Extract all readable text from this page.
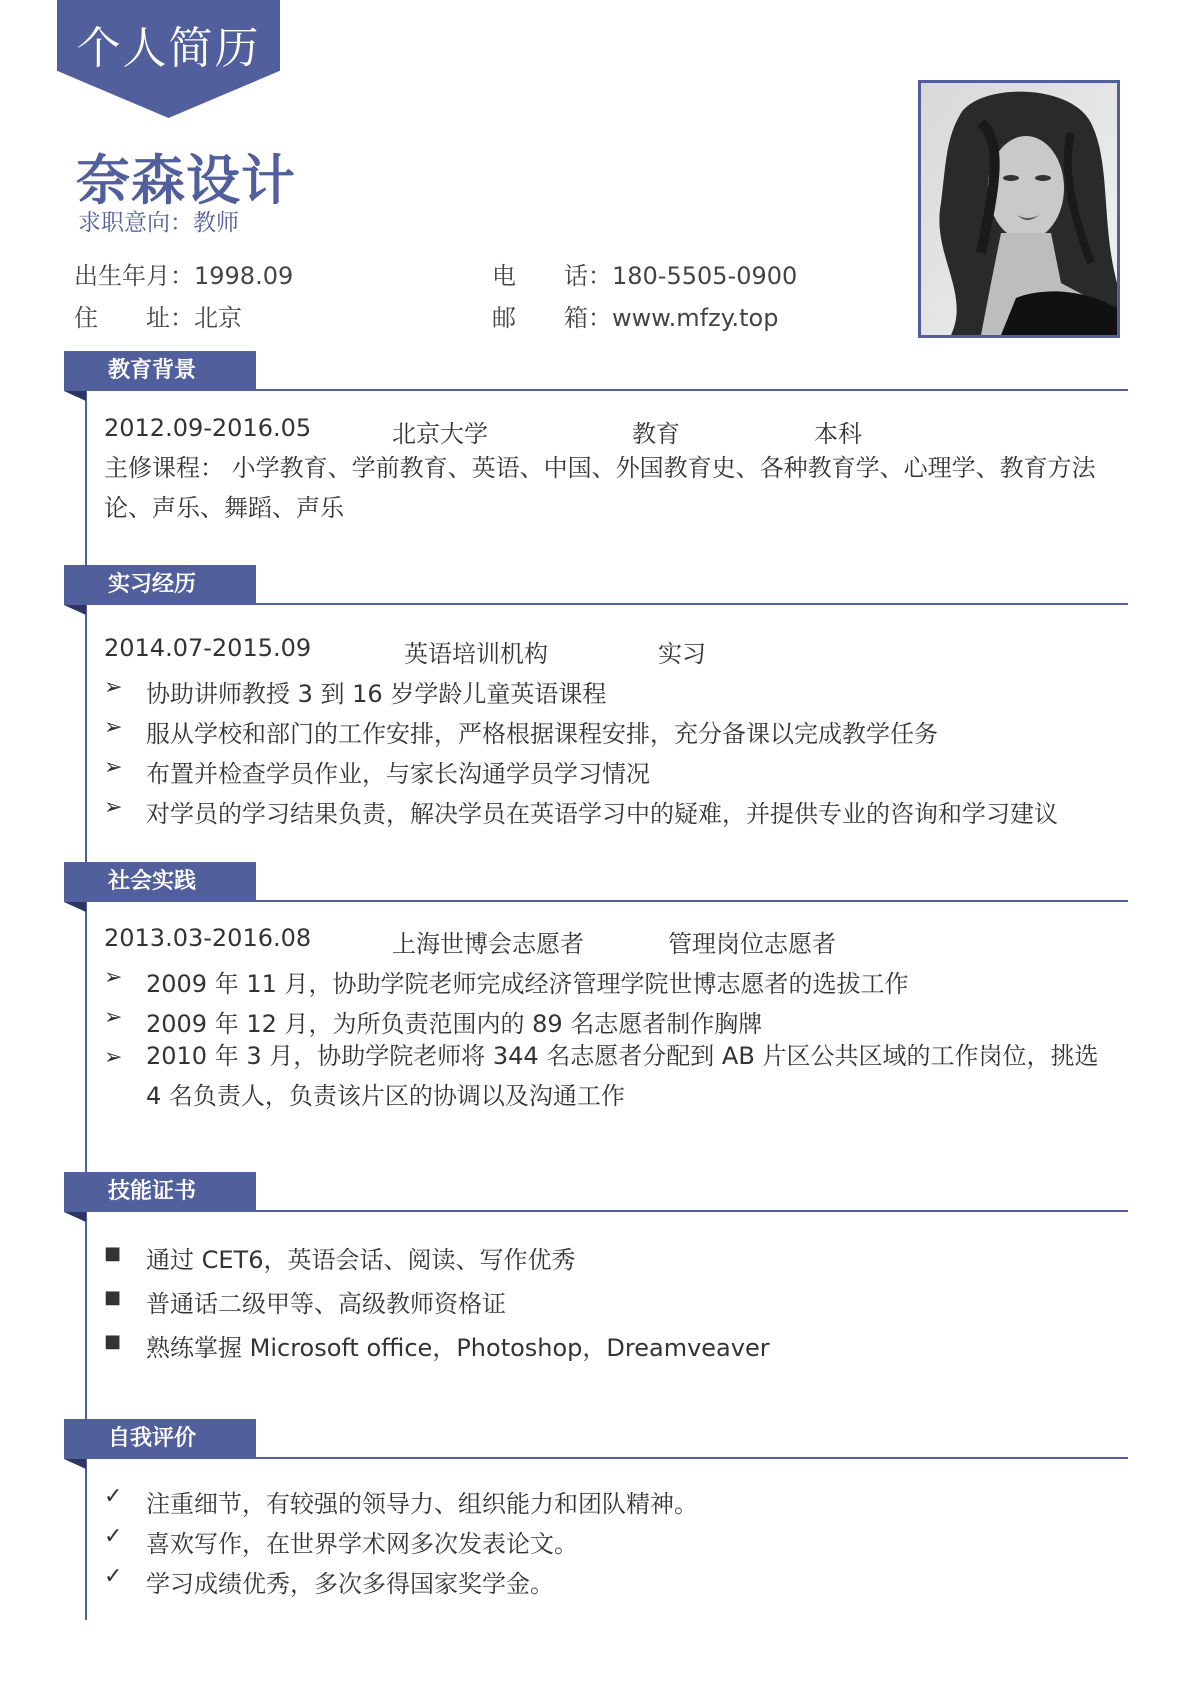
个人简历
奈森设计
求职意向：教师
出生年月：1998.09
住 址：北京
电 话：180-5505-0900
邮 箱：www.mfzy.top
教育背景
2012.09-2016.05	北京大学	教育	本科
主修课程： 小学教育、学前教育、英语、中国、外国教育史、各种教育学、心理学、教育方法论、声乐、舞蹈、声乐
实习经历
2014.07-2015.09	英语培训机构	实习
➢ 协助讲师教授 3 到 16 岁学龄儿童英语课程
➢ 服从学校和部门的工作安排，严格根据课程安排，充分备课以完成教学任务
➢ 布置并检查学员作业，与家长沟通学员学习情况
➢ 对学员的学习结果负责，解决学员在英语学习中的疑难，并提供专业的咨询和学习建议
社会实践
2013.03-2016.08	上海世博会志愿者	管理岗位志愿者
➢ 2009 年 11 月，协助学院老师完成经济管理学院世博志愿者的选拔工作
➢ 2009 年 12 月，为所负责范围内的 89 名志愿者制作胸牌
➢ 2010 年 3 月，协助学院老师将 344 名志愿者分配到 AB 片区公共区域的工作岗位，挑选 4 名负责人，负责该片区的协调以及沟通工作
技能证书
■ 通过 CET6，英语会话、阅读、写作优秀
■ 普通话二级甲等、高级教师资格证
■ 熟练掌握 Microsoft office，Photoshop，Dreamveaver
自我评价
✓ 注重细节，有较强的领导力、组织能力和团队精神。
✓ 喜欢写作，在世界学术网多次发表论文。
✓ 学习成绩优秀，多次多得国家奖学金。
